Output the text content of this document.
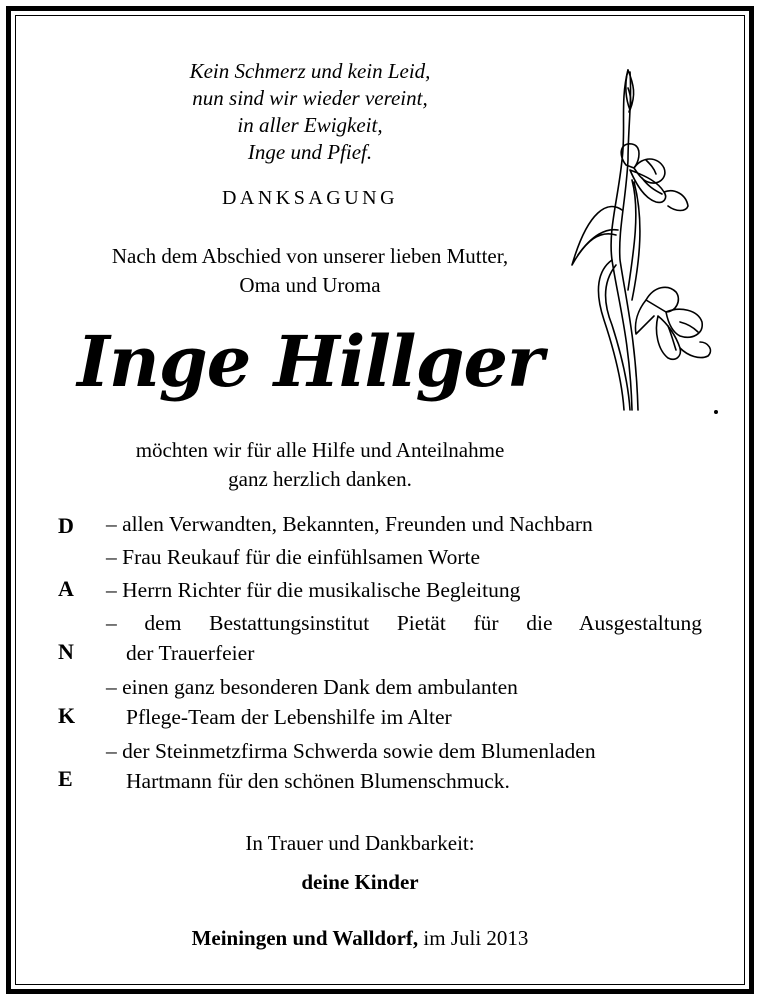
Kein Schmerz und kein Leid,
nun sind wir wieder vereint,
in aller Ewigkeit,
Inge und Pfief.
DANKSAGUNG
Nach dem Abschied von unserer lieben Mutter,
Oma und Uroma
Inge Hillger
möchten wir für alle Hilfe und Anteilnahme
ganz herzlich danken.
D
A
N
K
E
– allen Verwandten, Bekannten, Freunden und Nachbarn
– Frau Reukauf für die einfühlsamen Worte
– Herrn Richter für die musikalische Begleitung
– dem Bestattungsinstitut Pietät für die Ausgestaltung
der Trauerfeier
– einen ganz besonderen Dank dem ambulanten
Pflege-Team der Lebenshilfe im Alter
– der Steinmetzfirma Schwerda sowie dem Blumenladen
Hartmann für den schönen Blumenschmuck.
In Trauer und Dankbarkeit:
deine Kinder
Meiningen und Walldorf, im Juli 2013
